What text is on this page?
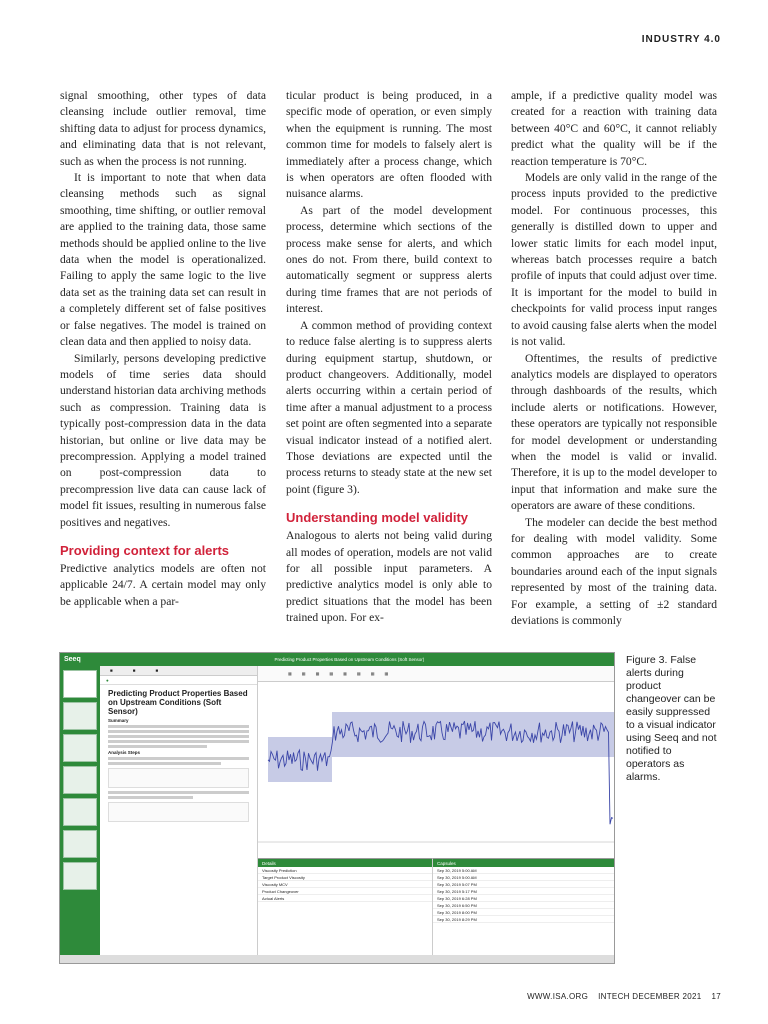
INDUSTRY 4.0

signal smoothing, other types of data cleansing include outlier removal, time shifting data to adjust for process dynamics, and eliminating data that is not relevant, such as when the process is not running.

It is important to note that when data cleansing methods such as signal smoothing, time shifting, or outlier removal are applied to the training data, those same methods should be applied online to the live data when the model is operationalized. Failing to apply the same logic to the live data set as the training data set can result in a completely different set of false positives or false negatives. The model is trained on clean data and then applied to noisy data.

Similarly, persons developing predictive models of time series data should understand historian data archiving methods such as compression. Training data is typically post-compression data in the data historian, but online or live data may be precompression. Applying a model trained on post-compression data to precompression live data can cause lack of model fit issues, resulting in numerous false positives and negatives.

Providing context for alerts

Predictive analytics models are often not applicable 24/7. A certain model may only be applicable when a par-

ticular product is being produced, in a specific mode of operation, or even simply when the equipment is running. The most common time for models to falsely alert is immediately after a process change, which is when operators are often flooded with nuisance alarms.

As part of the model development process, determine which sections of the process make sense for alerts, and which ones do not. From there, build context to automatically segment or suppress alerts during time frames that are not periods of interest.

A common method of providing context to reduce false alerting is to suppress alerts during equipment startup, shutdown, or product changeovers. Additionally, model alerts occurring within a certain period of time after a manual adjustment to a process set point are often segmented into a separate visual indicator instead of a notified alert. Those deviations are expected until the process returns to steady state at the new set point (figure 3).

Understanding model validity

Analogous to alerts not being valid during all modes of operation, models are not valid for all possible input parameters. A predictive analytics model is only able to predict situations that the model has been trained upon. For ex-

ample, if a predictive quality model was created for a reaction with training data between 40°C and 60°C, it cannot reliably predict what the quality will be if the reaction temperature is 70°C.

Models are only valid in the range of the process inputs provided to the predictive model. For continuous processes, this generally is distilled down to upper and lower static limits for each model input, whereas batch processes require a batch profile of inputs that could adjust over time. It is important for the model to build in checkpoints for valid process input ranges to avoid causing false alerts when the model is not valid.

Oftentimes, the results of predictive analytics models are displayed to operators through dashboards of the results, which include alerts or notifications. However, these operators are typically not responsible for model development or understanding when the model is valid or invalid. Therefore, it is up to the model developer to input that information and make sure the operators are aware of these conditions.

The modeler can decide the best method for dealing with model validity. Some common approaches are to create boundaries around each of the input signals represented by most of the training data. For example, a setting of ±2 standard deviations is commonly

Seeq	Predicting Product Properties Based on Upstream Conditions (Soft Sensor)
■	■	■
●
Predicting Product Properties Based on Upstream Conditions (Soft Sensor)
Summary
Analysis Steps
▦	▦	▦	▦	▦	▦	▦	▦
Details
Viscosity Prediction
Target Product Viscosity
Viscosity MCV
Product Changeover
Actual Alerts
Capsules
Sep 30, 2019 5:00 AM
Sep 30, 2019 5:00 AM
Sep 30, 2019 5:07 PM
Sep 30, 2019 5:17 PM
Sep 30, 2019 6:28 PM
Sep 30, 2019 6:50 PM
Sep 30, 2019 8:00 PM
Sep 30, 2019 8:29 PM
Figure 3. False alerts during product changeover can be easily suppressed to a visual indicator using Seeq and not notified to operators as alarms.
WWW.ISA.ORG INTECH DECEMBER 2021 17
